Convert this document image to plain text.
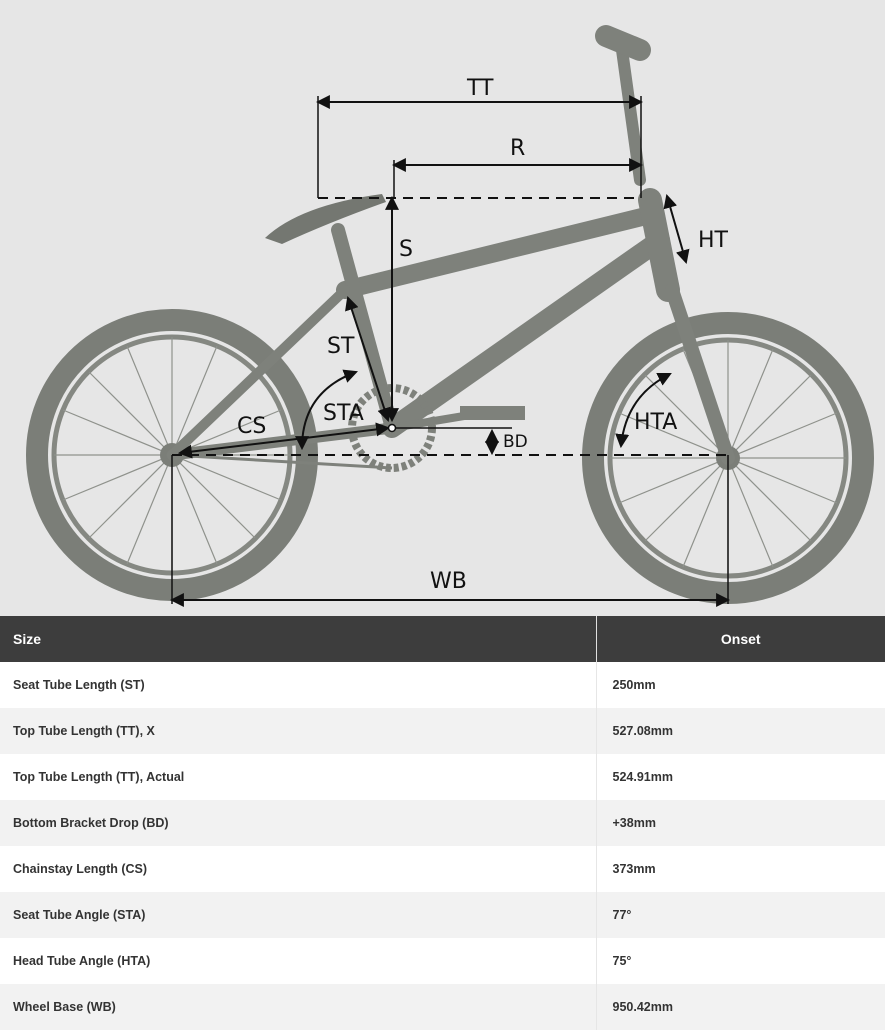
TT
R
S	HT
ST
STA
CS
BD
HTA
WB
Size	Onset
Seat Tube Length (ST)	250mm
Top Tube Length (TT), X	527.08mm
Top Tube Length (TT), Actual	524.91mm
Bottom Bracket Drop (BD)	+38mm
Chainstay Length (CS)	373mm
Seat Tube Angle (STA)	77°
Head Tube Angle (HTA)	75°
Wheel Base (WB)	950.42mm
